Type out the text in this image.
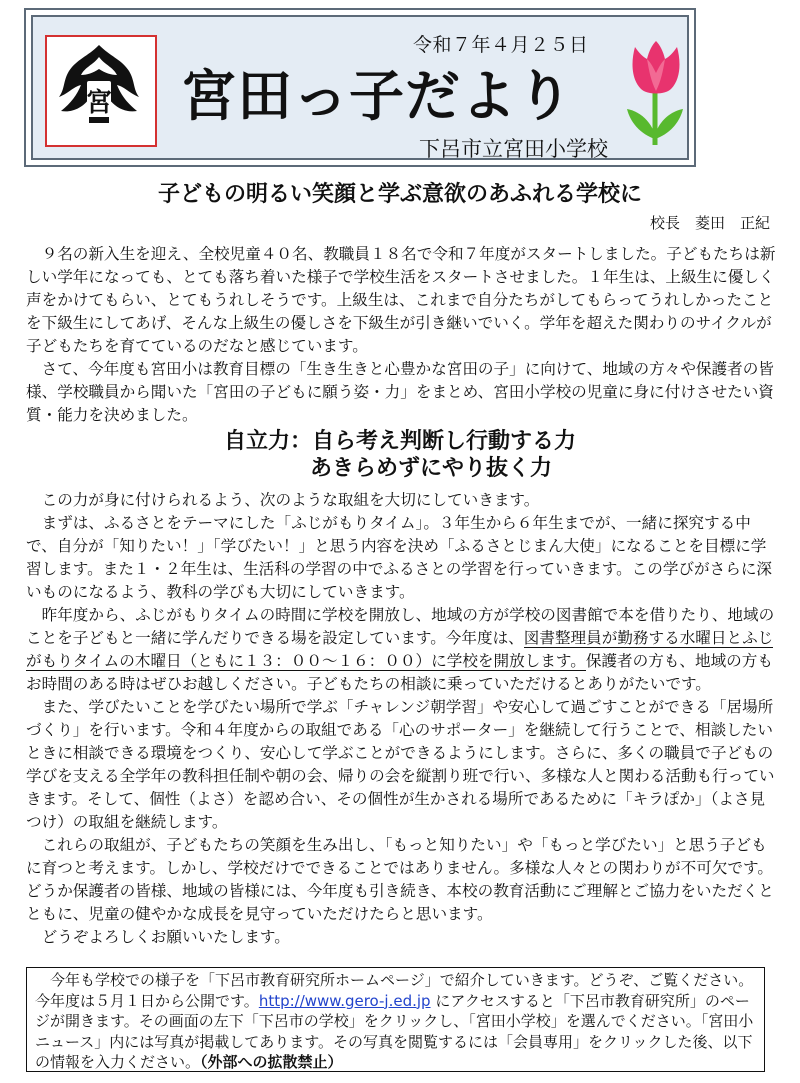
宮
令和７年４月２５日
宮田っ子だより
下呂市立宮田小学校
子どもの明るい笑顔と学ぶ意欲のあふれる学校に
校長　菱田　正紀

　９名の新入生を迎え、全校児童４０名、教職員１８名で令和７年度がスタートしました。子どもたちは新しい学年になっても、とても落ち着いた様子で学校生活をスタートさせました。１年生は、上級生に優しく声をかけてもらい、とてもうれしそうです。上級生は、これまで自分たちがしてもらってうれしかったことを下級生にしてあげ、そんな上級生の優しさを下級生が引き継いでいく。学年を超えた関わりのサイクルが子どもたちを育てているのだなと感じています。

　さて、今年度も宮田小は教育目標の「生き生きと心豊かな宮田の子」に向けて、地域の方々や保護者の皆様、学校職員から聞いた「宮田の子どもに願う姿・力」をまとめ、宮田小学校の児童に身に付けさせたい資質・能力を決めました。

自立力：自ら考え判断し行動する力
あきらめずにやり抜く力

　この力が身に付けられるよう、次のような取組を大切にしていきます。

　まずは、ふるさとをテーマにした「ふじがもりタイム」。３年生から６年生までが、一緒に探究する中で、自分が「知りたい！」「学びたい！」と思う内容を決め「ふるさとじまん大使」になることを目標に学習します。また１・２年生は、生活科の学習の中でふるさとの学習を行っていきます。この学びがさらに深いものになるよう、教科の学びも大切にしていきます。

　昨年度から、ふじがもりタイムの時間に学校を開放し、地域の方が学校の図書館で本を借りたり、地域のことを子どもと一緒に学んだりできる場を設定しています。今年度は、図書整理員が勤務する水曜日とふじがもりタイムの木曜日（ともに１３：００〜１６：００）に学校を開放します。保護者の方も、地域の方もお時間のある時はぜひお越しください。子どもたちの相談に乗っていただけるとありがたいです。

　また、学びたいことを学びたい場所で学ぶ「チャレンジ朝学習」や安心して過ごすことができる「居場所づくり」を行います。令和４年度からの取組である「心のサポーター」を継続して行うことで、相談したいときに相談できる環境をつくり、安心して学ぶことができるようにします。さらに、多くの職員で子どもの学びを支える全学年の教科担任制や朝の会、帰りの会を縦割り班で行い、多様な人と関わる活動も行っていきます。そして、個性（よさ）を認め合い、その個性が生かされる場所であるために「キラぽか」（よさ見つけ）の取組を継続します。

　これらの取組が、子どもたちの笑顔を生み出し、「もっと知りたい」や「もっと学びたい」と思う子どもに育つと考えます。しかし、学校だけでできることではありません。多様な人々との関わりが不可欠です。どうか保護者の皆様、地域の皆様には、今年度も引き続き、本校の教育活動にご理解とご協力をいただくとともに、児童の健やかな成長を見守っていただけたらと思います。

　どうぞよろしくお願いいたします。

　今年も学校での様子を「下呂市教育研究所ホームページ」で紹介していきます。どうぞ、ご覧ください。今年度は５月１日から公開です。http://www.gero-j.ed.jp にアクセスすると「下呂市教育研究所」のページが開きます。その画面の左下「下呂市の学校」をクリックし、「宮田小学校」を選んでください。「宮田小ニュース」内には写真が掲載してあります。その写真を閲覧するには「会員専用」をクリックした後、以下の情報を入力ください。（外部への拡散禁止）
